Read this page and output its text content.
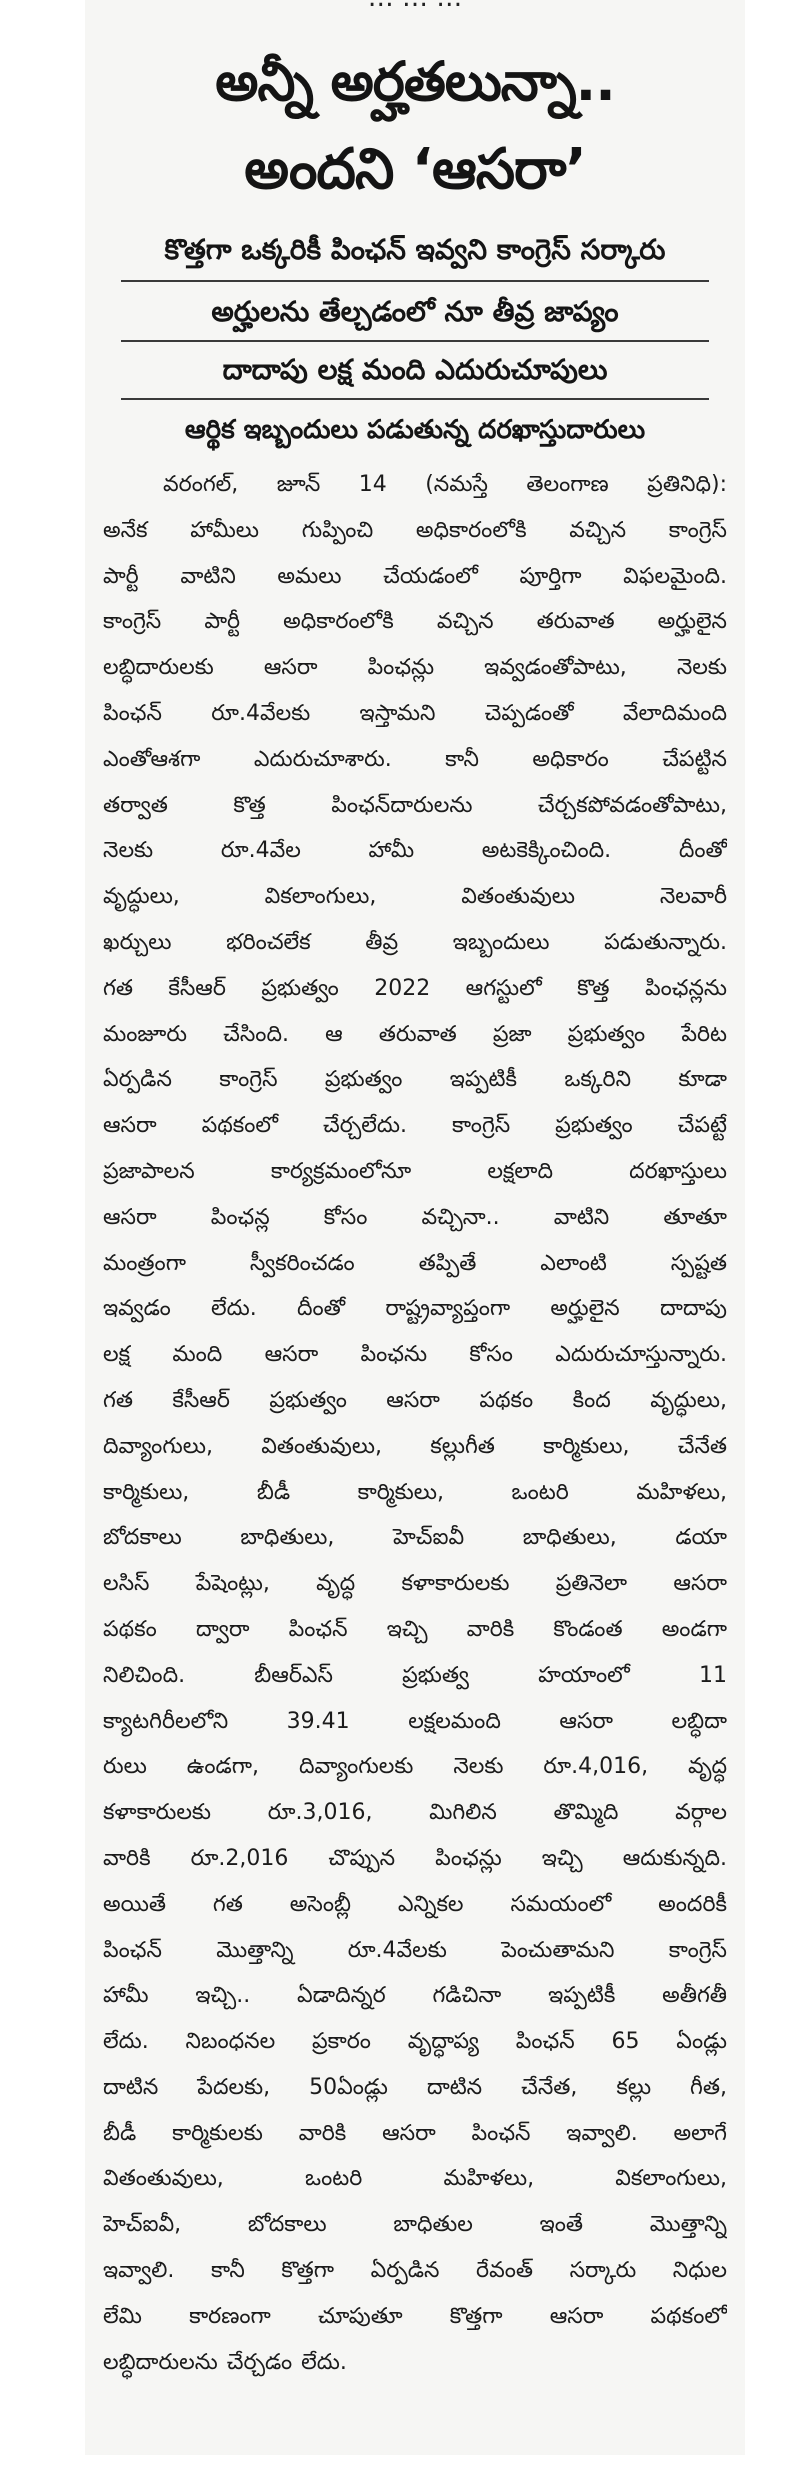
అన్నీ అర్హతలున్నా..
అందని ‘ఆసరా’
కొత్తగా ఒక్కరికీ పింఛన్ ఇవ్వని కాంగ్రెస్ సర్కారు
అర్హులను తేల్చడంలో నూ తీవ్ర జాప్యం
దాదాపు లక్ష మంది ఎదురుచూపులు
ఆర్థిక ఇబ్బందులు పడుతున్న దరఖాస్తుదారులు
వరంగల్, జూన్ 14 (నమస్తే తెలంగాణ ప్రతినిధి):
అనేక హామీలు గుప్పించి అధికారంలోకి వచ్చిన కాంగ్రెస్
పార్టీ వాటిని అమలు చేయడంలో పూర్తిగా విఫలమైంది.
కాంగ్రెస్ పార్టీ అధికారంలోకి వచ్చిన తరువాత అర్హులైన
లబ్ధిదారులకు ఆసరా పింఛన్లు ఇవ్వడంతోపాటు, నెలకు
పింఛన్ రూ.4వేలకు ఇస్తామని చెప్పడంతో వేలాదిమంది
ఎంతోఆశగా ఎదురుచూశారు. కానీ అధికారం చేపట్టిన
తర్వాత కొత్త పింఛన్‌దారులను చేర్చకపోవడంతోపాటు,
నెలకు రూ.4వేల హామీ అటకెక్కించింది. దీంతో
వృద్ధులు, వికలాంగులు, వితంతువులు నెలవారీ
ఖర్చులు భరించలేక తీవ్ర ఇబ్బందులు పడుతున్నారు.
గత కేసీఆర్ ప్రభుత్వం 2022 ఆగస్టులో కొత్త పింఛన్లను
మంజూరు చేసింది. ఆ తరువాత ప్రజా ప్రభుత్వం పేరిట
ఏర్పడిన కాంగ్రెస్ ప్రభుత్వం ఇప్పటికీ ఒక్కరిని కూడా
ఆసరా పథకంలో చేర్చలేదు. కాంగ్రెస్ ప్రభుత్వం చేపట్టే
ప్రజాపాలన కార్యక్రమంలోనూ లక్షలాది దరఖాస్తులు
ఆసరా పింఛన్ల కోసం వచ్చినా.. వాటిని తూతూ
మంత్రంగా స్వీకరించడం తప్పితే ఎలాంటి స్పష్టత
ఇవ్వడం లేదు. దీంతో రాష్ట్రవ్యాప్తంగా అర్హులైన దాదాపు
లక్ష మంది ఆసరా పింఛను కోసం ఎదురుచూస్తున్నారు.
గత కేసీఆర్ ప్రభుత్వం ఆసరా పథకం కింద వృద్ధులు,
దివ్యాంగులు, వితంతువులు, కల్లుగీత కార్మికులు, చేనేత
కార్మికులు, బీడీ కార్మికులు, ఒంటరి మహిళలు,
బోదకాలు బాధితులు, హెచ్ఐవీ బాధితులు, డయా
లసిస్ పేషెంట్లు, వృద్ధ కళాకారులకు ప్రతినెలా ఆసరా
పథకం ద్వారా పింఛన్ ఇచ్చి వారికి కొండంత అండగా
నిలిచింది. బీఆర్ఎస్ ప్రభుత్వ హయాంలో 11
క్యాటగిరీలలోని 39.41 లక్షలమంది ఆసరా లబ్ధిదా
రులు ఉండగా, దివ్యాంగులకు నెలకు రూ.4,016, వృద్ధ
కళాకారులకు రూ.3,016, మిగిలిన తొమ్మిది వర్గాల
వారికి రూ.2,016 చొప్పున పింఛన్లు ఇచ్చి ఆదుకున్నది.
అయితే గత అసెంబ్లీ ఎన్నికల సమయంలో అందరికీ
పింఛన్ మొత్తాన్ని రూ.4వేలకు పెంచుతామని కాంగ్రెస్
హామీ ఇచ్చి.. ఏడాదిన్నర గడిచినా ఇప్పటికీ అతీగతీ
లేదు. నిబంధనల ప్రకారం వృద్ధాప్య పింఛన్ 65 ఏండ్లు
దాటిన పేదలకు, 50ఏండ్లు దాటిన చేనేత, కల్లు గీత,
బీడీ కార్మికులకు వారికి ఆసరా పింఛన్ ఇవ్వాలి. అలాగే
వితంతువులు, ఒంటరి మహిళలు, వికలాంగులు,
హెచ్ఐవీ, బోదకాలు బాధితుల ఇంతే మొత్తాన్ని
ఇవ్వాలి. కానీ కొత్తగా ఏర్పడిన రేవంత్ సర్కారు నిధుల
లేమి కారణంగా చూపుతూ కొత్తగా ఆసరా పథకంలో
లబ్ధిదారులను చేర్చడం లేదు.
